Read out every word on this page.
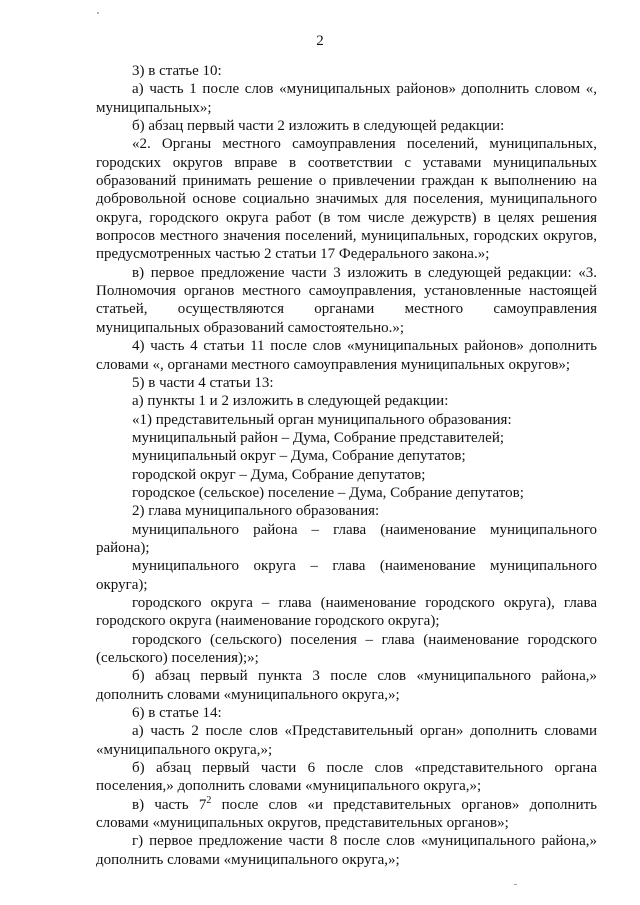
2

3) в статье 10:

а) часть 1 после слов «муниципальных районов» дополнить словом «, муниципальных»;

б) абзац первый части 2 изложить в следующей редакции:

«2. Органы местного самоуправления поселений, муниципальных, городских округов вправе в соответствии с уставами муниципальных образований принимать решение о привлечении граждан к выполнению на добровольной основе социально значимых для поселения, муниципального округа, городского округа работ (в том числе дежурств) в целях решения вопросов местного значения поселений, муниципальных, городских округов, предусмотренных частью 2 статьи 17 Федерального закона.»;

в) первое предложение части 3 изложить в следующей редакции: «3. Полномочия органов местного самоуправления, установленные настоящей статьей, осуществляются органами местного самоуправления муниципальных образований самостоятельно.»;

4) часть 4 статьи 11 после слов «муниципальных районов» дополнить словами «, органами местного самоуправления муниципальных округов»;

5) в части 4 статьи 13:

а) пункты 1 и 2 изложить в следующей редакции:

«1) представительный орган муниципального образования:

муниципальный район – Дума, Собрание представителей;

муниципальный округ – Дума, Собрание депутатов;

городской округ – Дума, Собрание депутатов;

городское (сельское) поселение – Дума, Собрание депутатов;

2) глава муниципального образования:

муниципального района – глава (наименование муниципального района);

муниципального округа – глава (наименование муниципального округа);

городского округа – глава (наименование городского округа), глава городского округа (наименование городского округа);

городского (сельского) поселения – глава (наименование городского (сельского) поселения);»;

б) абзац первый пункта 3 после слов «муниципального района,» дополнить словами «муниципального округа,»;

6) в статье 14:

а) часть 2 после слов «Представительный орган» дополнить словами «муниципального округа,»;

б) абзац первый части 6 после слов «представительного органа поселения,» дополнить словами «муниципального округа,»;

в) часть $7^2$ после слов «и представительных органов» дополнить словами «муниципальных округов, представительных органов»;

г) первое предложение части 8 после слов «муниципального района,» дополнить словами «муниципального округа,»;
